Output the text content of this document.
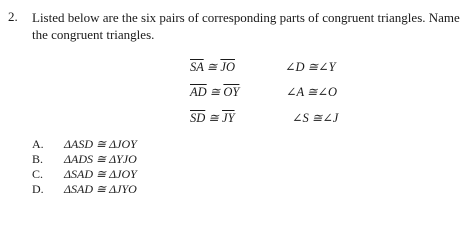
2. Listed below are the six pairs of corresponding parts of congruent triangles. Name the congruent triangles.
$\overline{SA}$ ≅ $\overline{JO}$	∠D ≅∠Y
$\overline{AD}$ ≅ $\overline{OY}$	∠A ≅∠O
$\overline{SD}$ ≅ $\overline{JY}$	∠S ≅∠J
A. ΔASD ≅ ΔJOY
B. ΔADS ≅ ΔYJO
C. ΔSAD ≅ ΔJOY
D. ΔSAD ≅ ΔJYO
